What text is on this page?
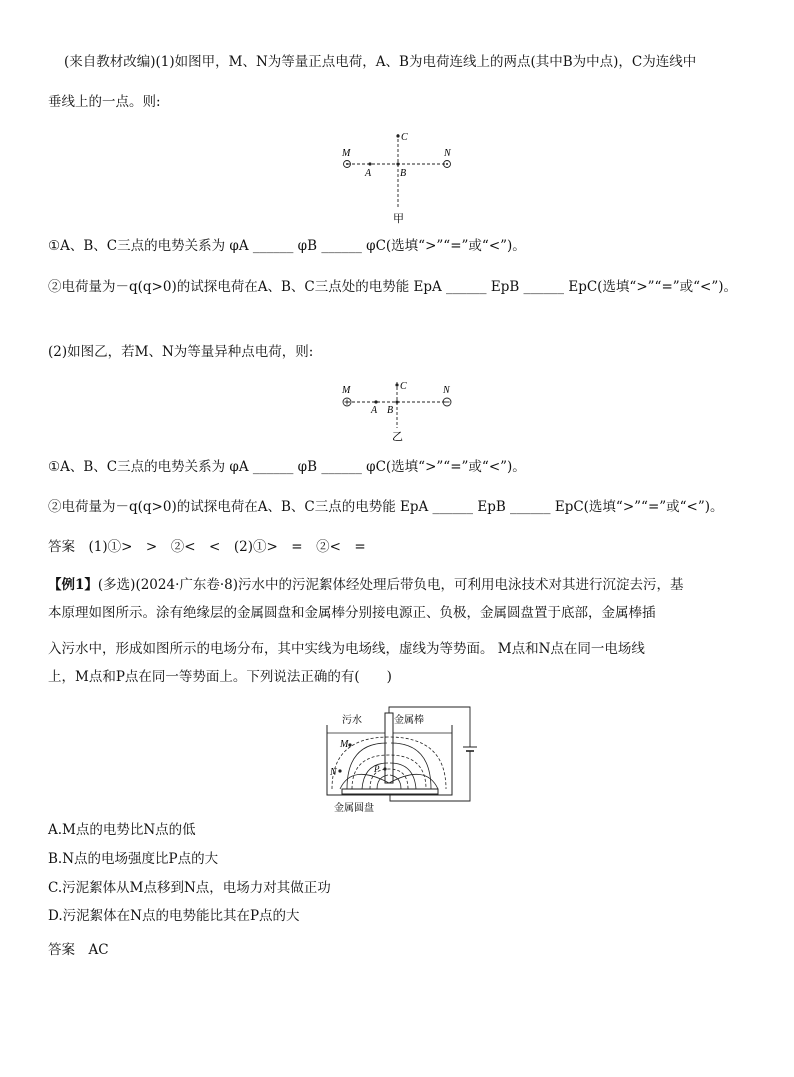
(来自教材改编)(1)如图甲，M、N为等量正点电荷，A、B为电荷连线上的两点(其中B为中点)，C为连线中
垂线上的一点。则:
M	N
A	B
C
甲
①A、B、C三点的电势关系为 φA ______ φB ______ φC(选填“>”“=”或“<”)。
②电荷量为－q(q>0)的试探电荷在A、B、C三点处的电势能 EpA ______ EpB ______ EpC(选填“>”“=”或“<”)。
(2)如图乙，若M、N为等量异种点电荷，则:
M	N
A B
C
乙
①A、B、C三点的电势关系为 φA ______ φB ______ φC(选填“>”“=”或“<”)。
②电荷量为－q(q>0)的试探电荷在A、B、C三点的电势能 EpA ______ EpB ______ EpC(选填“>”“=”或“<”)。
答案　(1)①>　>　②<　<　(2)①>　=　②<　=
【例1】(多选)(2024·广东卷·8)污水中的污泥絮体经处理后带负电，可利用电泳技术对其进行沉淀去污，基
本原理如图所示。涂有绝缘层的金属圆盘和金属棒分别接电源正、负极，金属圆盘置于底部，金属棒插
入污水中，形成如图所示的电场分布，其中实线为电场线，虚线为等势面。 M点和N点在同一电场线
上，M点和P点在同一等势面上。下列说法正确的有(　　)
M
N	P
污水	金属棒
金属圆盘
A.M点的电势比N点的低
B.N点的电场强度比P点的大
C.污泥絮体从M点移到N点，电场力对其做正功
D.污泥絮体在N点的电势能比其在P点的大
答案　AC
